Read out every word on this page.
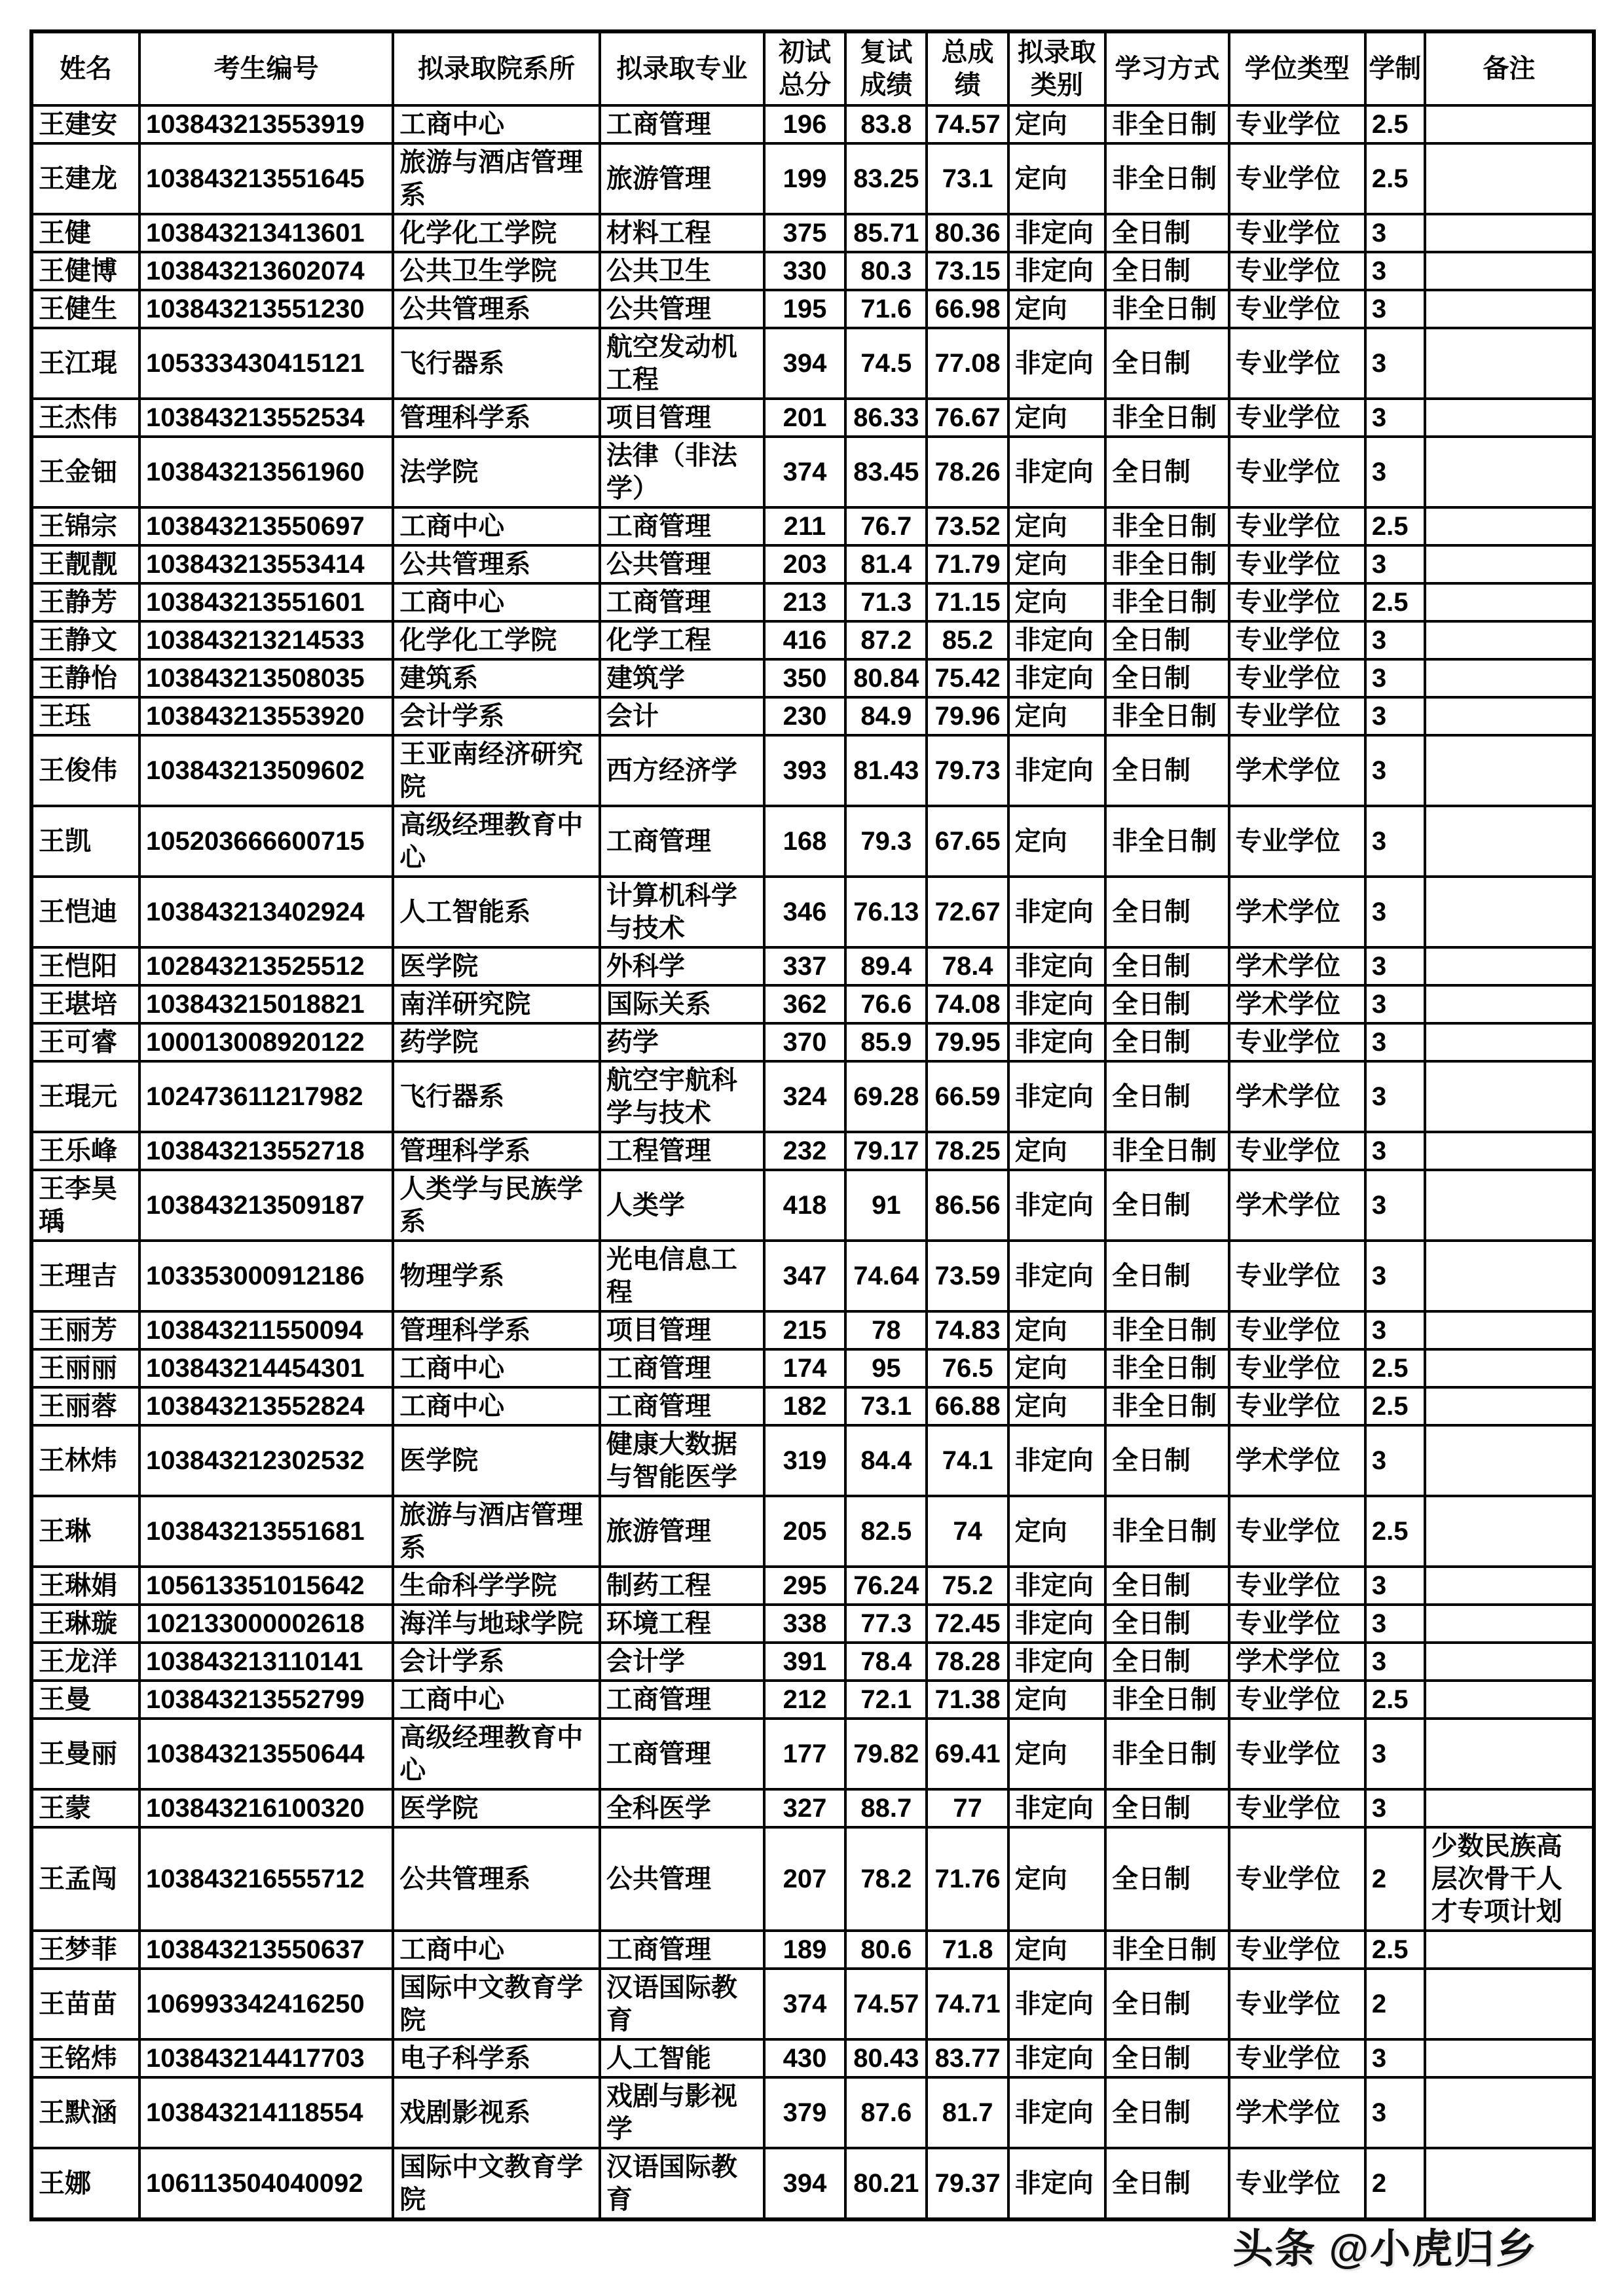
姓名	考生编号	拟录取院系所	拟录取专业	初试总分	复试成绩	总成绩	拟录取类别	学习方式	学位类型	学制	备注
王建安	103843213553919	工商中心	工商管理	196	83.8	74.57	定向	非全日制	专业学位	2.5	
王建龙	103843213551645	旅游与酒店管理系	旅游管理	199	83.25	73.1	定向	非全日制	专业学位	2.5	
王健	103843213413601	化学化工学院	材料工程	375	85.71	80.36	非定向	全日制	专业学位	3	
王健博	103843213602074	公共卫生学院	公共卫生	330	80.3	73.15	非定向	全日制	专业学位	3	
王健生	103843213551230	公共管理系	公共管理	195	71.6	66.98	定向	非全日制	专业学位	3	
王江琨	105333430415121	飞行器系	航空发动机工程	394	74.5	77.08	非定向	全日制	专业学位	3	
王杰伟	103843213552534	管理科学系	项目管理	201	86.33	76.67	定向	非全日制	专业学位	3	
王金钿	103843213561960	法学院	法律（非法学）	374	83.45	78.26	非定向	全日制	专业学位	3	
王锦宗	103843213550697	工商中心	工商管理	211	76.7	73.52	定向	非全日制	专业学位	2.5	
王靓靓	103843213553414	公共管理系	公共管理	203	81.4	71.79	定向	非全日制	专业学位	3	
王静芳	103843213551601	工商中心	工商管理	213	71.3	71.15	定向	非全日制	专业学位	2.5	
王静文	103843213214533	化学化工学院	化学工程	416	87.2	85.2	非定向	全日制	专业学位	3	
王静怡	103843213508035	建筑系	建筑学	350	80.84	75.42	非定向	全日制	专业学位	3	
王珏	103843213553920	会计学系	会计	230	84.9	79.96	定向	非全日制	专业学位	3	
王俊伟	103843213509602	王亚南经济研究院	西方经济学	393	81.43	79.73	非定向	全日制	学术学位	3	
王凯	105203666600715	高级经理教育中心	工商管理	168	79.3	67.65	定向	非全日制	专业学位	3	
王恺迪	103843213402924	人工智能系	计算机科学与技术	346	76.13	72.67	非定向	全日制	学术学位	3	
王恺阳	102843213525512	医学院	外科学	337	89.4	78.4	非定向	全日制	学术学位	3	
王堪培	103843215018821	南洋研究院	国际关系	362	76.6	74.08	非定向	全日制	学术学位	3	
王可睿	100013008920122	药学院	药学	370	85.9	79.95	非定向	全日制	专业学位	3	
王琨元	102473611217982	飞行器系	航空宇航科学与技术	324	69.28	66.59	非定向	全日制	学术学位	3	
王乐峰	103843213552718	管理科学系	工程管理	232	79.17	78.25	定向	非全日制	专业学位	3	
王李昊瑀	103843213509187	人类学与民族学系	人类学	418	91	86.56	非定向	全日制	学术学位	3	
王理吉	103353000912186	物理学系	光电信息工程	347	74.64	73.59	非定向	全日制	专业学位	3	
王丽芳	103843211550094	管理科学系	项目管理	215	78	74.83	定向	非全日制	专业学位	3	
王丽丽	103843214454301	工商中心	工商管理	174	95	76.5	定向	非全日制	专业学位	2.5	
王丽蓉	103843213552824	工商中心	工商管理	182	73.1	66.88	定向	非全日制	专业学位	2.5	
王林炜	103843212302532	医学院	健康大数据与智能医学	319	84.4	74.1	非定向	全日制	学术学位	3	
王琳	103843213551681	旅游与酒店管理系	旅游管理	205	82.5	74	定向	非全日制	专业学位	2.5	
王琳娟	105613351015642	生命科学学院	制药工程	295	76.24	75.2	非定向	全日制	专业学位	3	
王琳璇	102133000002618	海洋与地球学院	环境工程	338	77.3	72.45	非定向	全日制	专业学位	3	
王龙洋	103843213110141	会计学系	会计学	391	78.4	78.28	非定向	全日制	学术学位	3	
王曼	103843213552799	工商中心	工商管理	212	72.1	71.38	定向	非全日制	专业学位	2.5	
王曼丽	103843213550644	高级经理教育中心	工商管理	177	79.82	69.41	定向	非全日制	专业学位	3	
王蒙	103843216100320	医学院	全科医学	327	88.7	77	非定向	全日制	专业学位	3	
王孟闯	103843216555712	公共管理系	公共管理	207	78.2	71.76	定向	全日制	专业学位	2	少数民族高层次骨干人才专项计划
王梦菲	103843213550637	工商中心	工商管理	189	80.6	71.8	定向	非全日制	专业学位	2.5	
王苗苗	106993342416250	国际中文教育学院	汉语国际教育	374	74.57	74.71	非定向	全日制	专业学位	2	
王铭炜	103843214417703	电子科学系	人工智能	430	80.43	83.77	非定向	全日制	专业学位	3	
王默涵	103843214118554	戏剧影视系	戏剧与影视学	379	87.6	81.7	非定向	全日制	学术学位	3	
王娜	106113504040092	国际中文教育学院	汉语国际教育	394	80.21	79.37	非定向	全日制	专业学位	2	
头条 @小虎归乡
